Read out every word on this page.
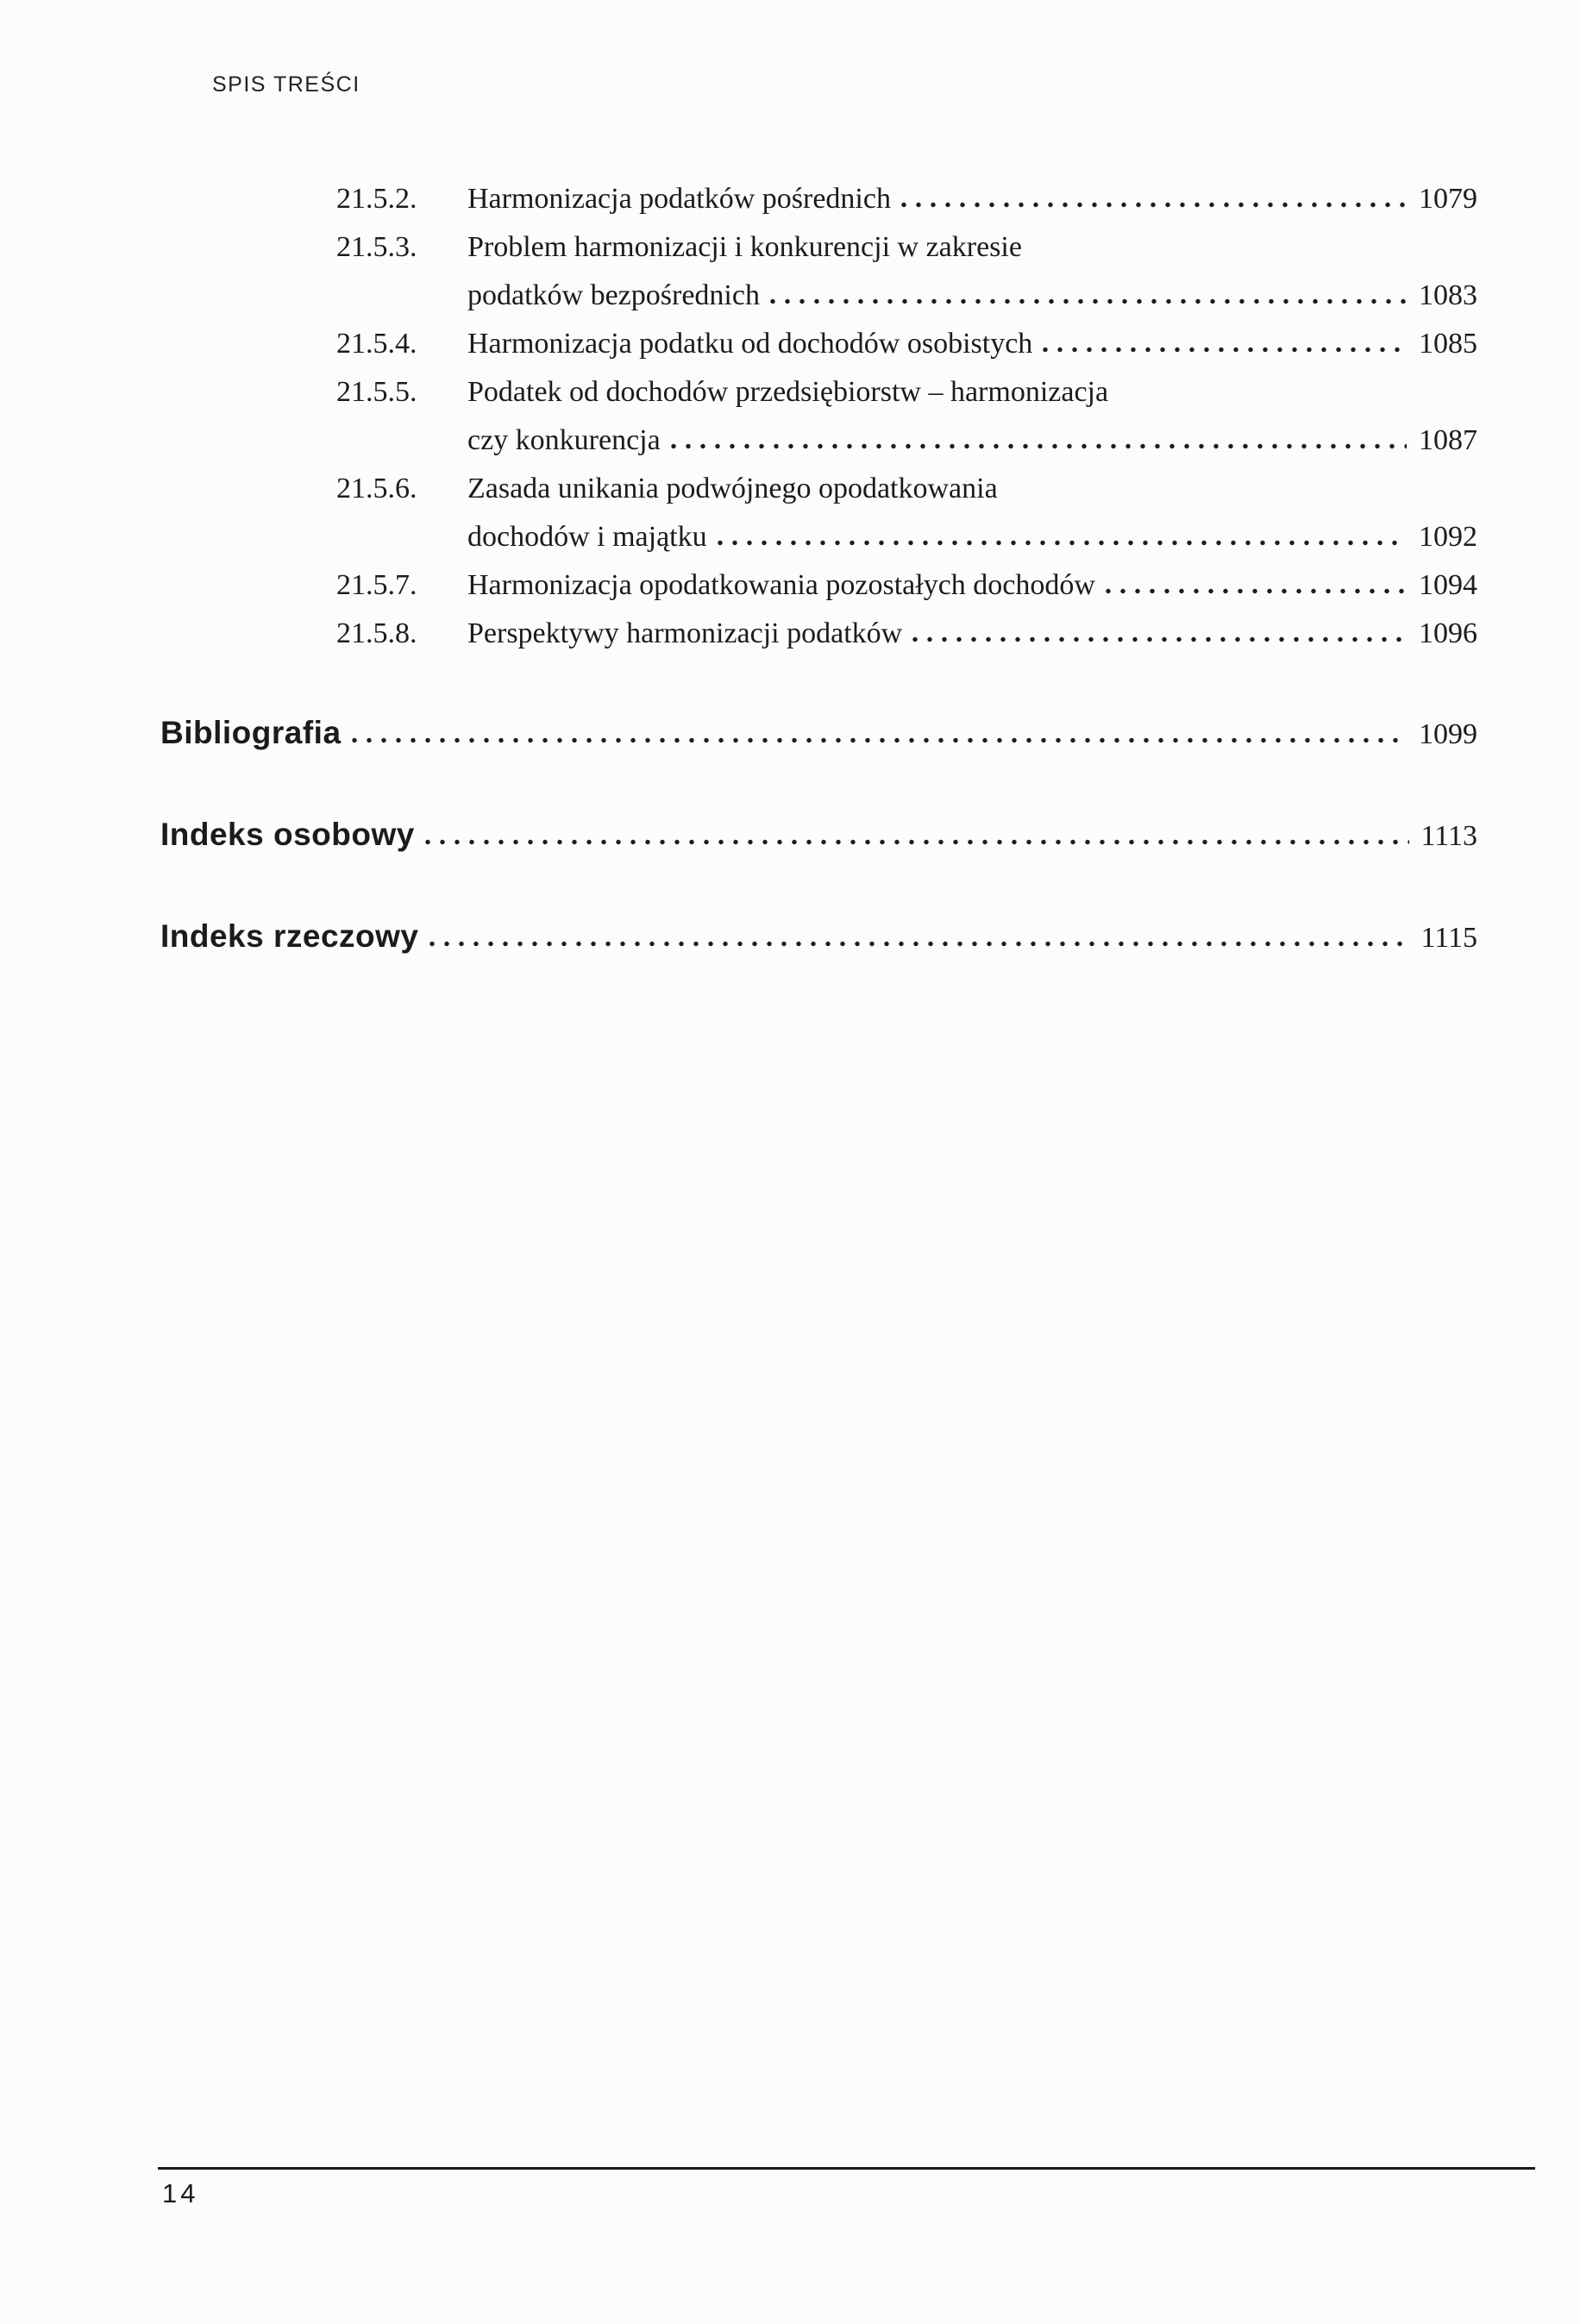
SPIS TREŚCI
21.5.2.	Harmonizacja podatków pośrednich	1079
21.5.3.	Problem harmonizacji i konkurencji w zakresie
podatków bezpośrednich	1083
21.5.4.	Harmonizacja podatku od dochodów osobistych	1085
21.5.5.	Podatek od dochodów przedsiębiorstw – harmonizacja
czy konkurencja	1087
21.5.6.	Zasada unikania podwójnego opodatkowania
dochodów i majątku	1092
21.5.7.	Harmonizacja opodatkowania pozostałych dochodów	1094
21.5.8.	Perspektywy harmonizacji podatków	1096
Bibliografia	1099
Indeks osobowy	1113
Indeks rzeczowy	1115
14
